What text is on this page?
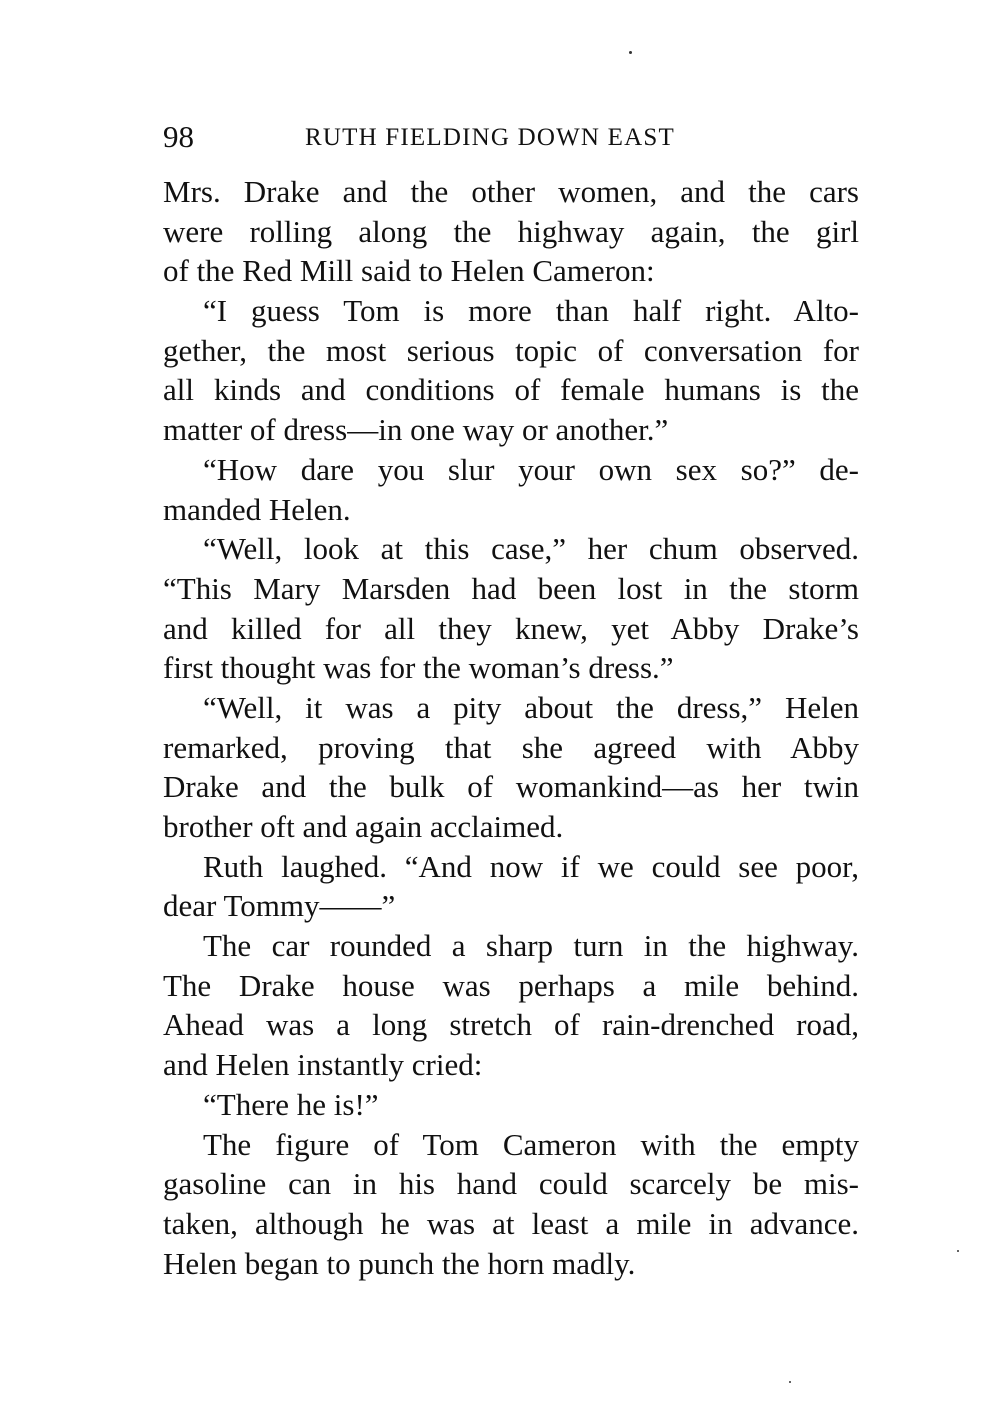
98	RUTH FIELDING DOWN EAST
Mrs. Drake and the other women, and the cars
were rolling along the highway again, the girl
of the Red Mill said to Helen Cameron:
“I guess Tom is more than half right. Alto-
gether, the most serious topic of conversation for
all kinds and conditions of female humans is the
matter of dress—in one way or another.”
“How dare you slur your own sex so?” de-
manded Helen.
“Well, look at this case,” her chum observed.
“This Mary Marsden had been lost in the storm
and killed for all they knew, yet Abby Drake’s
first thought was for the woman’s dress.”
“Well, it was a pity about the dress,” Helen
remarked, proving that she agreed with Abby
Drake and the bulk of womankind—as her twin
brother oft and again acclaimed.
Ruth laughed. “And now if we could see poor,
dear Tommy——”
The car rounded a sharp turn in the highway.
The Drake house was perhaps a mile behind.
Ahead was a long stretch of rain-drenched road,
and Helen instantly cried:
“There he is!”
The figure of Tom Cameron with the empty
gasoline can in his hand could scarcely be mis-
taken, although he was at least a mile in advance.
Helen began to punch the horn madly.
